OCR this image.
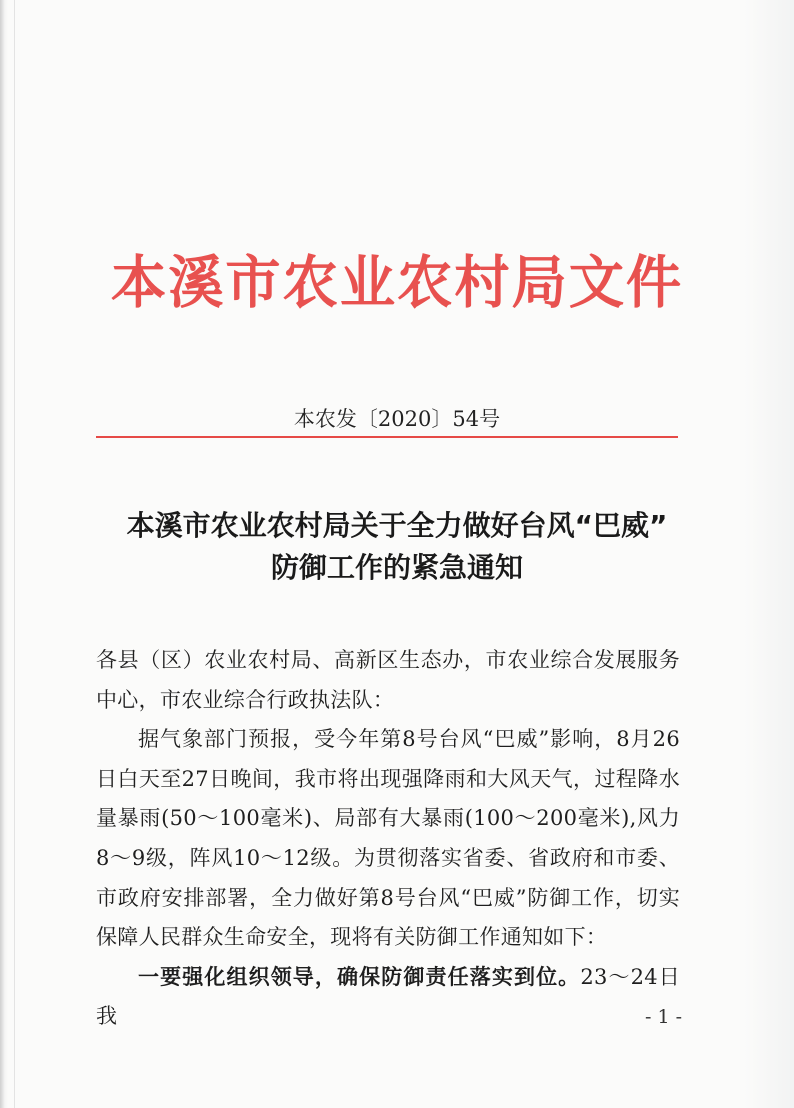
本溪市农业农村局文件
本农发〔2020〕54号
本溪市农业农村局关于全力做好台风“巴威”
防御工作的紧急通知

各县（区）农业农村局、高新区生态办，市农业综合发展服务中心，市农业综合行政执法队：

据气象部门预报，受今年第8号台风“巴威”影响，8月26日白天至27日晚间，我市将出现强降雨和大风天气，过程降水量暴雨(50～100毫米)、局部有大暴雨(100～200毫米),风力8～9级，阵风10～12级。为贯彻落实省委、省政府和市委、市政府安排部署，全力做好第8号台风“巴威”防御工作，切实保障人民群众生命安全，现将有关防御工作通知如下：

一要强化组织领导，确保防御责任落实到位。23～24日我	- 1 -
